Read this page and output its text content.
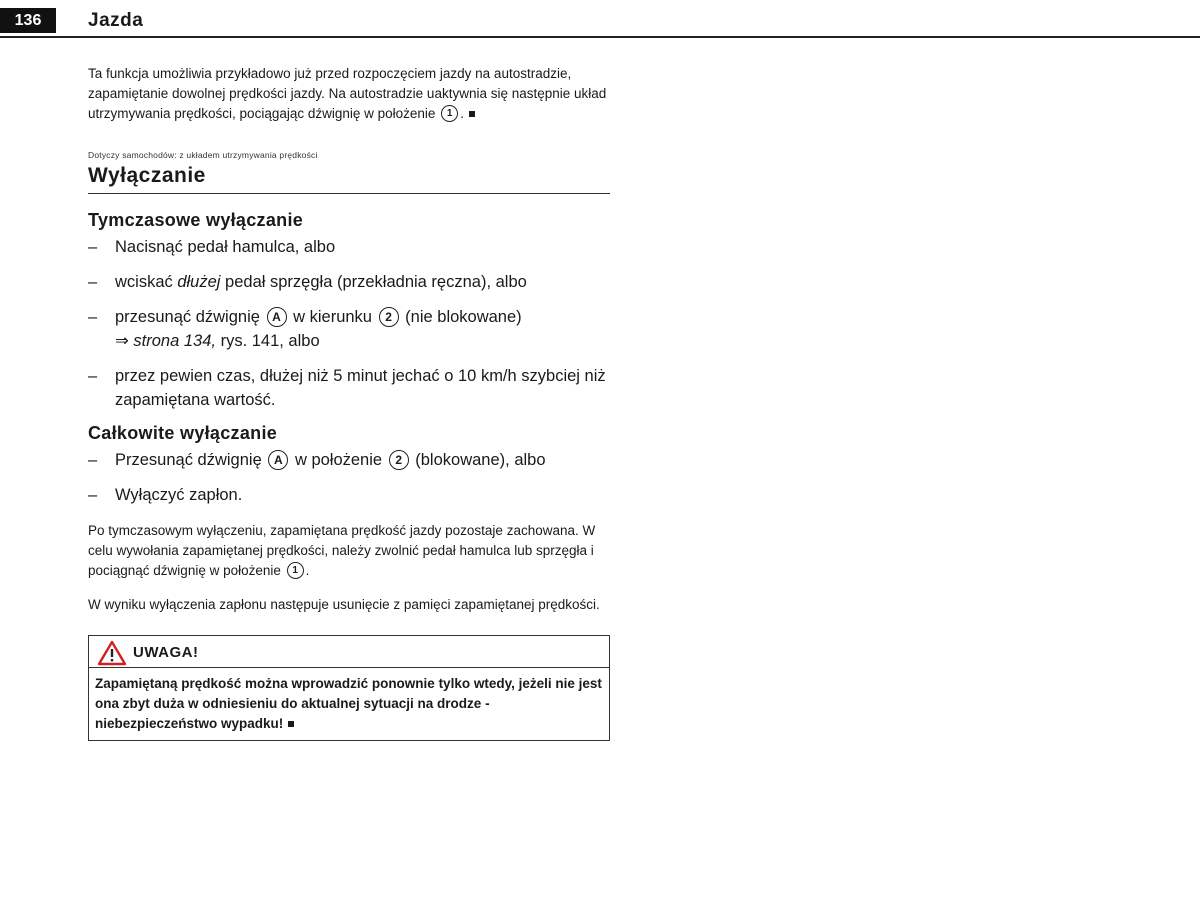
136	Jazda

Ta funkcja umożliwia przykładowo już przed rozpoczęciem jazdy na autostradzie, zapamiętanie dowolnej prędkości jazdy. Na autostradzie uaktywnia się następnie układ utrzymywania prędkości, pociągając dźwignię w położenie 1 .

Dotyczy samochodów: z układem utrzymywania prędkości
Wyłączanie
Tymczasowe wyłączanie
– Nacisnąć pedał hamulca, albo
– wciskać dłużej pedał sprzęgła (przekładnia ręczna), albo
– przesunąć dźwignię A w kierunku 2 (nie blokowane)
⇒ strona 134, rys. 141, albo
– przez pewien czas, dłużej niż 5 minut jechać o 10 km/h szybciej niż zapamiętana wartość.
Całkowite wyłączanie
– Przesunąć dźwignię A w położenie 2 (blokowane), albo
– Wyłączyć zapłon.

Po tymczasowym wyłączeniu, zapamiętana prędkość jazdy pozostaje zachowana. W celu wywołania zapamiętanej prędkości, należy zwolnić pedał hamulca lub sprzęgła i pociągnąć dźwignię w położenie 1 .

W wyniku wyłączenia zapłonu następuje usunięcie z pamięci zapamiętanej prędkości.

UWAGA!
Zapamiętaną prędkość można wprowadzić ponownie tylko wtedy, jeżeli nie jest ona zbyt duża w odniesieniu do aktualnej sytuacji na drodze - niebezpieczeństwo wypadku!
